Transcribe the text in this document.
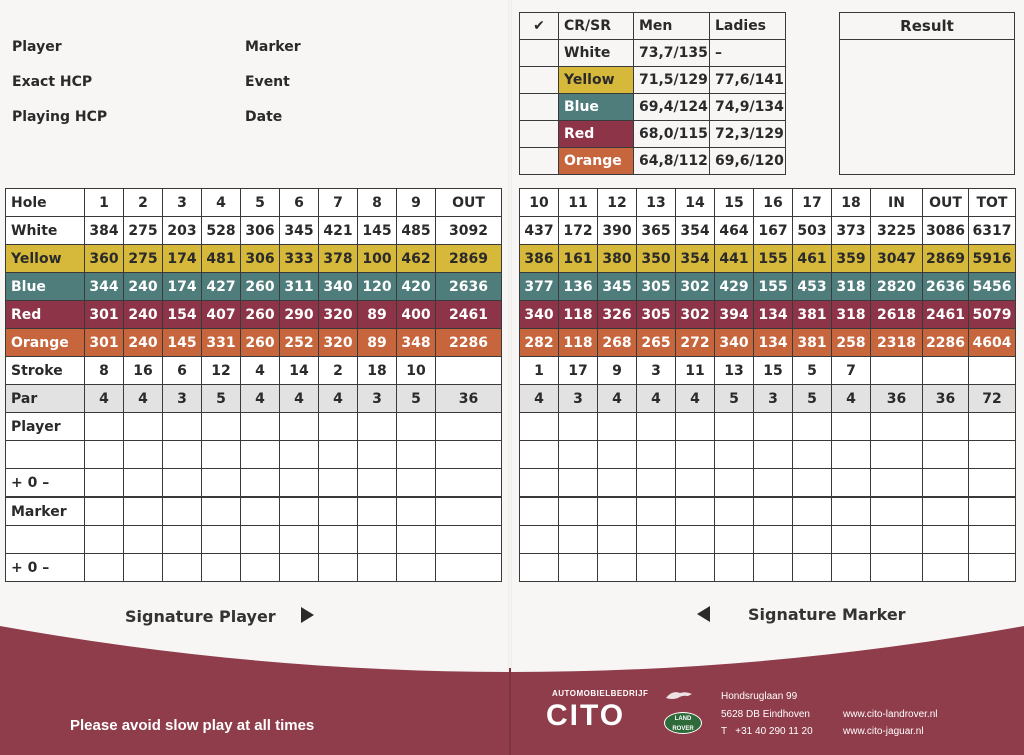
Player
Exact HCP
Playing HCP
Marker
Event
Date
✔	CR/SR	Men	Ladies
	White	73,7/135	–
	Yellow	71,5/129	77,6/141
	Blue	69,4/124	74,9/134
	Red	68,0/115	72,3/129
	Orange	64,8/112	69,6/120
Result
Hole	1	2	3	4	5	6	7	8	9	OUT
White	384	275	203	528	306	345	421	145	485	3092
Yellow	360	275	174	481	306	333	378	100	462	2869
Blue	344	240	174	427	260	311	340	120	420	2636
Red	301	240	154	407	260	290	320	89	400	2461
Orange	301	240	145	331	260	252	320	89	348	2286
Stroke	8	16	6	12	4	14	2	18	10	
Par	4	4	3	5	4	4	4	3	5	36
Player										

+ 0 –										
Marker										

+ 0 –										
10	11	12	13	14	15	16	17	18	IN	OUT	TOT
437	172	390	365	354	464	167	503	373	3225	3086	6317
386	161	380	350	354	441	155	461	359	3047	2869	5916
377	136	345	305	302	429	155	453	318	2820	2636	5456
340	118	326	305	302	394	134	381	318	2618	2461	5079
282	118	268	265	272	340	134	381	258	2318	2286	4604
1	17	9	3	11	13	15	5	7			
4	3	4	4	4	5	3	5	4	36	36	72

Signature Player	Signature Marker
Please avoid slow play at all times
AUTOMOBIELBEDRIJF
CITO	LAND
ROVER
Hondsruglaan 99
5628 DB Eindhoven
T   +31 40 290 11 20
www.cito-landrover.nl
www.cito-jaguar.nl
